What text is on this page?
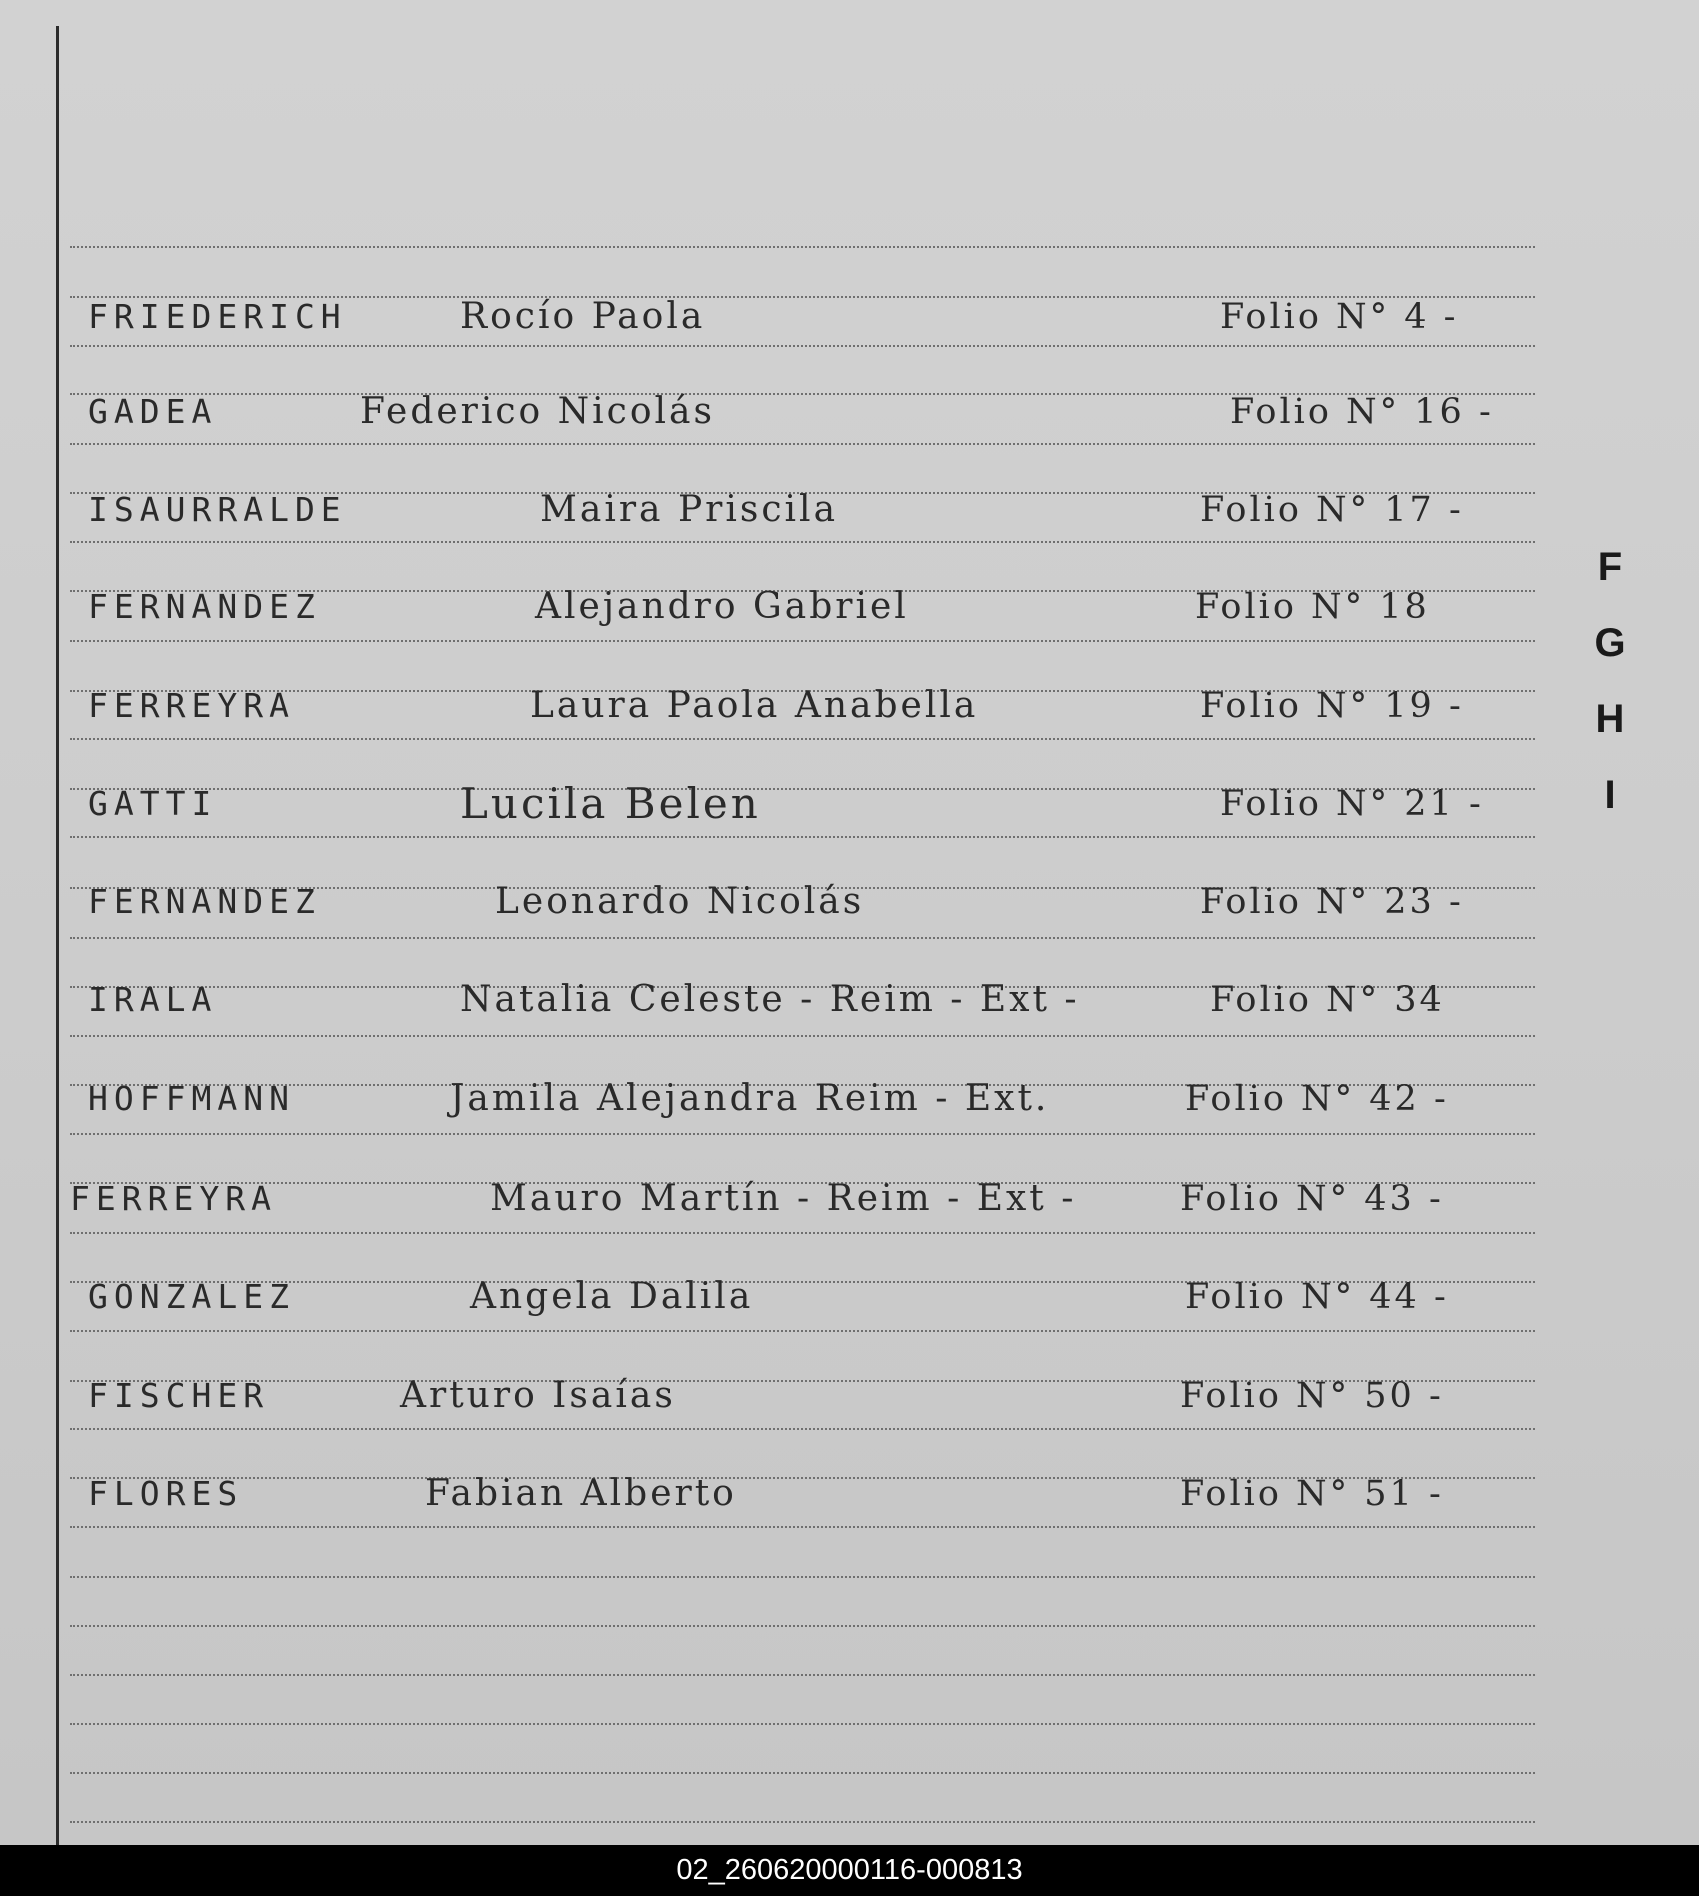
FRIEDERICH	Rocío Paola	Folio N° 4 -
GADEA	Federico Nicolás	Folio N° 16 -
ISAURRALDE	Maira Priscila	Folio N° 17 -
FERNANDEZ	Alejandro Gabriel	Folio N° 18
FERREYRA	Laura Paola Anabella	Folio N° 19 -
GATTI	Lucila Belen	Folio N° 21 -
FERNANDEZ	Leonardo Nicolás	Folio N° 23 -
IRALA	Natalia Celeste - Reim - Ext -	Folio N° 34
HOFFMANN	Jamila Alejandra Reim - Ext.	Folio N° 42 -
FERREYRA	Mauro Martín - Reim - Ext -	Folio N° 43 -
GONZALEZ	Angela Dalila	Folio N° 44 -
FISCHER	Arturo Isaías	Folio N° 50 -
FLORES	Fabian Alberto	Folio N° 51 -
F
G
H
I
02_260620000116-000813
